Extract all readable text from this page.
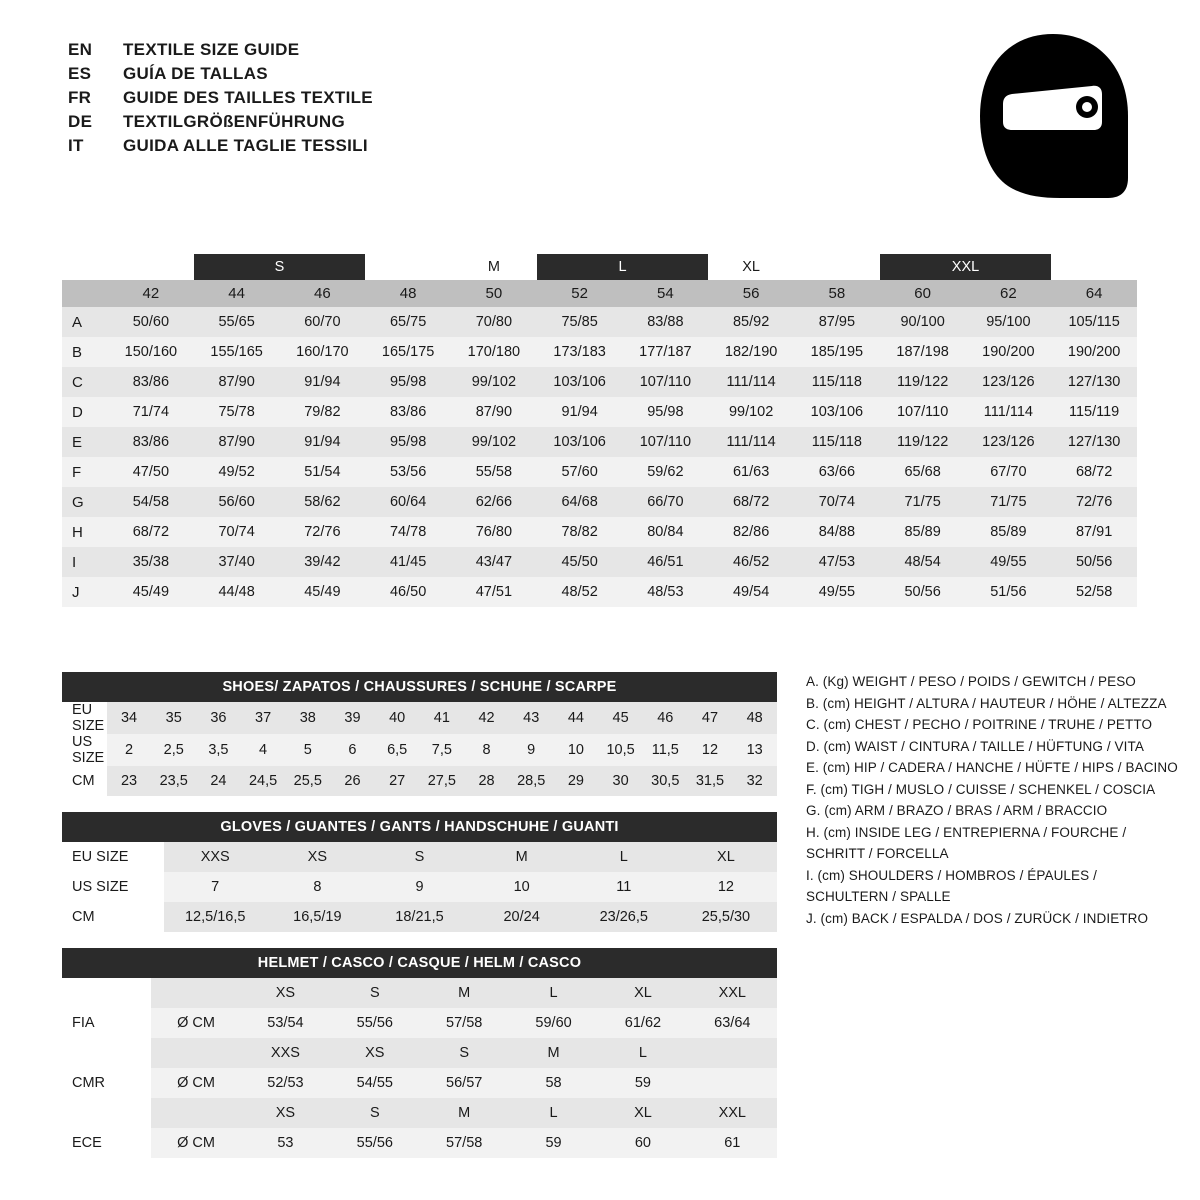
EN	TEXTILE SIZE GUIDE
ES	GUÍA DE TALLAS
FR	GUIDE DES TAILLES TEXTILE
DE	TEXTILGRÖßENFÜHRUNG
IT	GUIDA ALLE TAGLIE TESSILI
		S			M	L		XL		XXL		
	42	44	46	48	50	52	54	56	58	60	62	64
A	50/60	55/65	60/70	65/75	70/80	75/85	83/88	85/92	87/95	90/100	95/100	105/115
B	150/160	155/165	160/170	165/175	170/180	173/183	177/187	182/190	185/195	187/198	190/200	190/200
C	83/86	87/90	91/94	95/98	99/102	103/106	107/110	111/114	115/118	119/122	123/126	127/130
D	71/74	75/78	79/82	83/86	87/90	91/94	95/98	99/102	103/106	107/110	111/114	115/119
E	83/86	87/90	91/94	95/98	99/102	103/106	107/110	111/114	115/118	119/122	123/126	127/130
F	47/50	49/52	51/54	53/56	55/58	57/60	59/62	61/63	63/66	65/68	67/70	68/72
G	54/58	56/60	58/62	60/64	62/66	64/68	66/70	68/72	70/74	71/75	71/75	72/76
H	68/72	70/74	72/76	74/78	76/80	78/82	80/84	82/86	84/88	85/89	85/89	87/91
I	35/38	37/40	39/42	41/45	43/47	45/50	46/51	46/52	47/53	48/54	49/55	50/56
J	45/49	44/48	45/49	46/50	47/51	48/52	48/53	49/54	49/55	50/56	51/56	52/58
SHOES/ ZAPATOS / CHAUSSURES / SCHUHE / SCARPE															
EU SIZE	34	35	36	37	38	39	40	41	42	43	44	45	46	47	48
US SIZE	2	2,5	3,5	4	5	6	6,5	7,5	8	9	10	10,5	11,5	12	13
CM	23	23,5	24	24,5	25,5	26	27	27,5	28	28,5	29	30	30,5	31,5	32
GLOVES / GUANTES / GANTS / HANDSCHUHE / GUANTI						
EU SIZE	XXS	XS	S	M	L	XL
US SIZE	7	8	9	10	11	12
CM	12,5/16,5	16,5/19	18/21,5	20/24	23/26,5	25,5/30
HELMET / CASCO / CASQUE / HELM / CASCO							
		XS	S	M	L	XL	XXL
FIA	Ø CM	53/54	55/56	57/58	59/60	61/62	63/64
		XXS	XS	S	M	L	
CMR	Ø CM	52/53	54/55	56/57	58	59	
		XS	S	M	L	XL	XXL
ECE	Ø CM	53	55/56	57/58	59	60	61
A. (Kg) WEIGHT / PESO / POIDS / GEWITCH / PESO
B. (cm) HEIGHT / ALTURA / HAUTEUR / HÖHE / ALTEZZA
C. (cm) CHEST / PECHO / POITRINE / TRUHE / PETTO
D. (cm) WAIST / CINTURA / TAILLE / HÜFTUNG / VITA
E. (cm) HIP / CADERA / HANCHE / HÜFTE / HIPS / BACINO
F. (cm) TIGH / MUSLO / CUISSE / SCHENKEL / COSCIA
G. (cm) ARM / BRAZO / BRAS / ARM / BRACCIO
H. (cm) INSIDE LEG / ENTREPIERNA / FOURCHE /
SCHRITT / FORCELLA
I. (cm) SHOULDERS / HOMBROS / ÉPAULES /
SCHULTERN / SPALLE
J. (cm) BACK / ESPALDA / DOS / ZURÜCK / INDIETRO
